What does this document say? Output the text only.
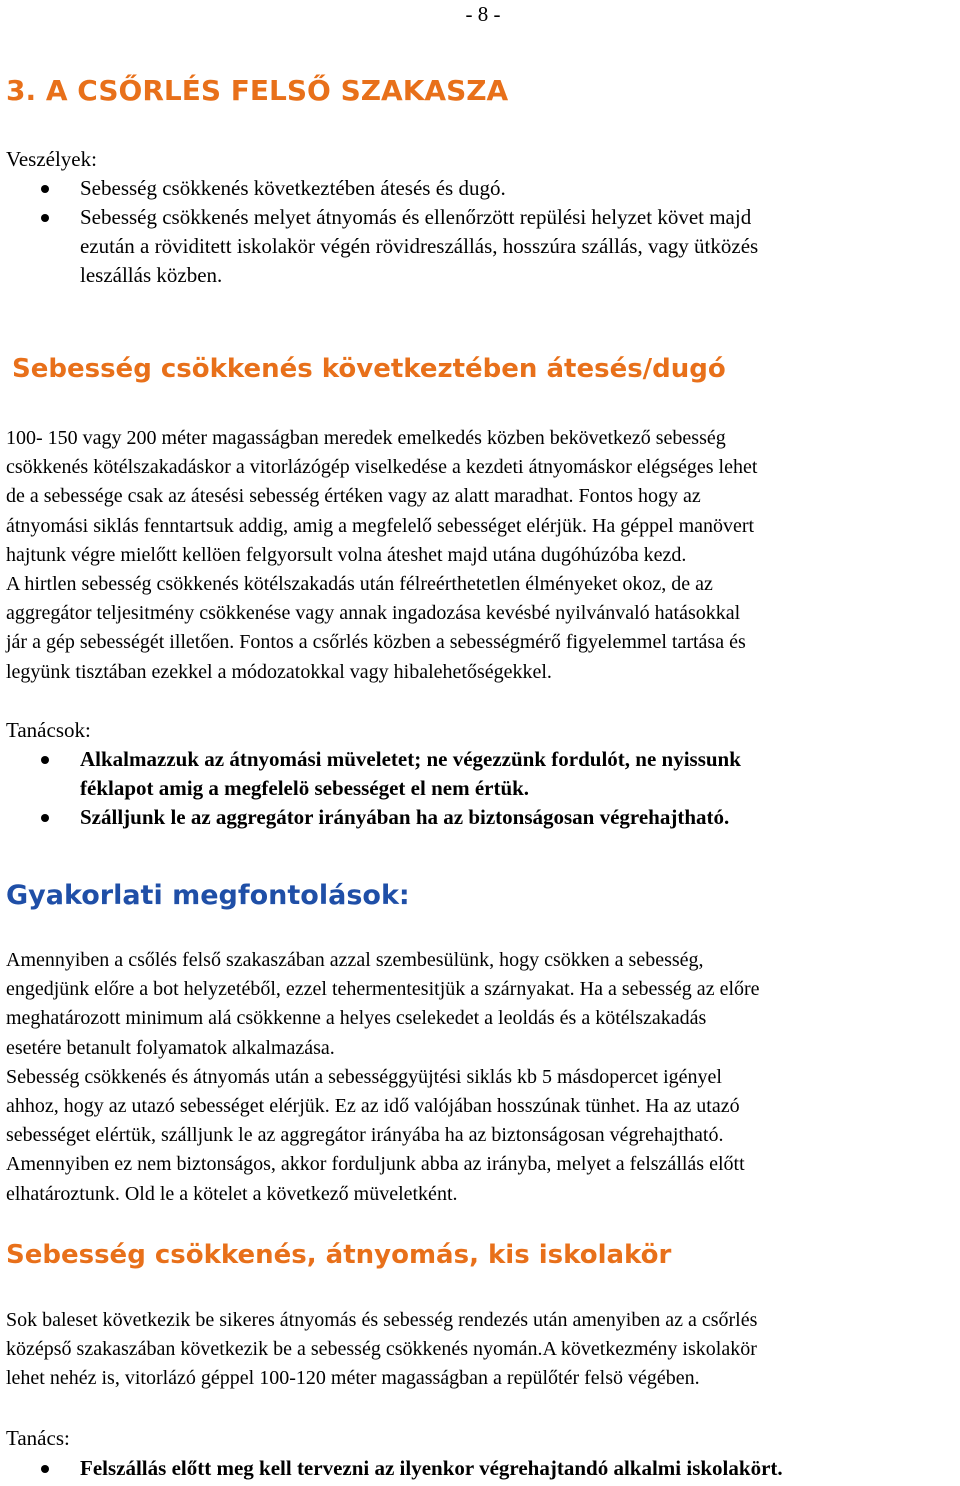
- 8 -
3. A CSŐRLÉS FELSŐ SZAKASZA
Veszélyek:
Sebesség csökkenés következtében átesés és dugó.
Sebesség csökkenés melyet átnyomás és ellenőrzött repülési helyzet követ majd
ezután a röviditett iskolakör végén rövidreszállás, hosszúra szállás, vagy ütközés
leszállás közben.
Sebesség csökkenés következtében átesés/dugó
100- 150 vagy 200 méter magasságban meredek emelkedés közben bekövetkező sebesség
csökkenés kötélszakadáskor a vitorlázógép viselkedése a kezdeti átnyomáskor elégséges lehet
de a sebessége csak az átesési sebesség értéken vagy az alatt maradhat. Fontos hogy az
átnyomási siklás fenntartsuk addig, amig a megfelelő sebességet elérjük. Ha géppel manövert
hajtunk végre mielőtt kellöen felgyorsult volna áteshet majd utána dugóhúzóba kezd.
A hirtlen sebesség csökkenés kötélszakadás után félreérthetetlen élményeket okoz, de az
aggregátor teljesitmény csökkenése vagy annak ingadozása kevésbé nyilvánvaló hatásokkal
jár a gép sebességét illetően. Fontos a csőrlés közben a sebességmérő figyelemmel tartása és
legyünk tisztában ezekkel a módozatokkal vagy hibalehetőségekkel.
Tanácsok:
Alkalmazzuk az átnyomási müveletet; ne végezzünk fordulót, ne nyissunk
féklapot amig a megfelelö sebességet el nem értük.
Szálljunk le az aggregátor irányában ha az biztonságosan végrehajtható.
Gyakorlati megfontolások:
Amennyiben a csőlés felső szakaszában azzal szembesülünk, hogy csökken a sebesség,
engedjünk előre a bot helyzetéből, ezzel tehermentesitjük a szárnyakat. Ha a sebesség az előre
meghatározott minimum alá csökkenne a helyes cselekedet a leoldás és a kötélszakadás
esetére betanult folyamatok alkalmazása.
Sebesség csökkenés és átnyomás után a sebességgyüjtési siklás kb 5 másdopercet igényel
ahhoz, hogy az utazó sebességet elérjük. Ez az idő valójában hosszúnak tünhet. Ha az utazó
sebességet elértük, szálljunk le az aggregátor irányába ha az biztonságosan végrehajtható.
Amennyiben ez nem biztonságos, akkor forduljunk abba az irányba, melyet a felszállás előtt
elhatároztunk. Old le a kötelet a következő müveletként.
Sebesség csökkenés, átnyomás, kis iskolakör
Sok baleset következik be sikeres átnyomás és sebesség rendezés után amenyiben az a csőrlés
középső szakaszában következik be a sebesség csökkenés nyomán.A következmény iskolakör
lehet nehéz is, vitorlázó géppel 100-120 méter magasságban a repülőtér felsö végében.
Tanács:
Felszállás előtt meg kell tervezni az ilyenkor végrehajtandó alkalmi iskolakört.
